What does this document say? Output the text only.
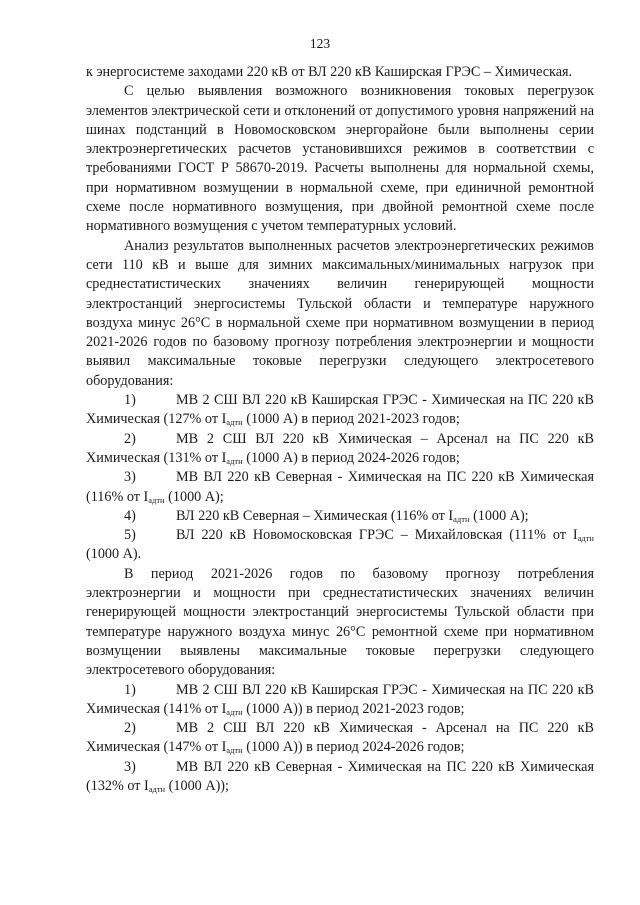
123

к энергосистеме заходами 220 кВ от ВЛ 220 кВ Каширская ГРЭС – Химическая.

С целью выявления возможного возникновения токовых перегрузок элементов электрической сети и отклонений от допустимого уровня напряжений на шинах подстанций в Новомосковском энергорайоне были выполнены серии электроэнергетических расчетов установившихся режимов в соответствии с требованиями ГОСТ Р 58670-2019. Расчеты выполнены для нормальной схемы, при нормативном возмущении в нормальной схеме, при единичной ремонтной схеме после нормативного возмущения, при двойной ремонтной схеме после нормативного возмущения с учетом температурных условий.

Анализ результатов выполненных расчетов электроэнергетических режимов сети 110 кВ и выше для зимних максимальных/минимальных нагрузок при среднестатистических значениях величин генерирующей мощности электростанций энергосистемы Тульской области и температуре наружного воздуха минус 26°С в нормальной схеме при нормативном возмущении в период 2021-2026 годов по базовому прогнозу потребления электроэнергии и мощности выявил максимальные токовые перегрузки следующего электросетевого оборудования:

1)	МВ 2 СШ ВЛ 220 кВ Каширская ГРЭС - Химическая на ПС 220 кВ Химическая (127% от $I_{адтн}$ (1000 А) в период 2021-2023 годов;

2)	МВ 2 СШ ВЛ 220 кВ Химическая – Арсенал на ПС 220 кВ Химическая (131% от $I_{адтн}$ (1000 А) в период 2024-2026 годов;

3)	МВ ВЛ 220 кВ Северная - Химическая на ПС 220 кВ Химическая (116% от $I_{адтн}$ (1000 А);

4)	ВЛ 220 кВ Северная – Химическая (116% от $I_{адтн}$ (1000 А);

5)	ВЛ 220 кВ Новомосковская ГРЭС – Михайловская (111% от $I_{адтн}$ (1000 А).

В период 2021-2026 годов по базовому прогнозу потребления электроэнергии и мощности при среднестатистических значениях величин генерирующей мощности электростанций энергосистемы Тульской области при температуре наружного воздуха минус 26°С ремонтной схеме при нормативном возмущении выявлены максимальные токовые перегрузки следующего электросетевого оборудования:

1)	МВ 2 СШ ВЛ 220 кВ Каширская ГРЭС - Химическая на ПС 220 кВ Химическая (141% от $I_{адтн}$ (1000 А)) в период 2021-2023 годов;

2)	МВ 2 СШ ВЛ 220 кВ Химическая - Арсенал на ПС 220 кВ Химическая (147% от $I_{адтн}$ (1000 А)) в период 2024-2026 годов;

3)	МВ ВЛ 220 кВ Северная - Химическая на ПС 220 кВ Химическая (132% от $I_{адтн}$ (1000 А));
